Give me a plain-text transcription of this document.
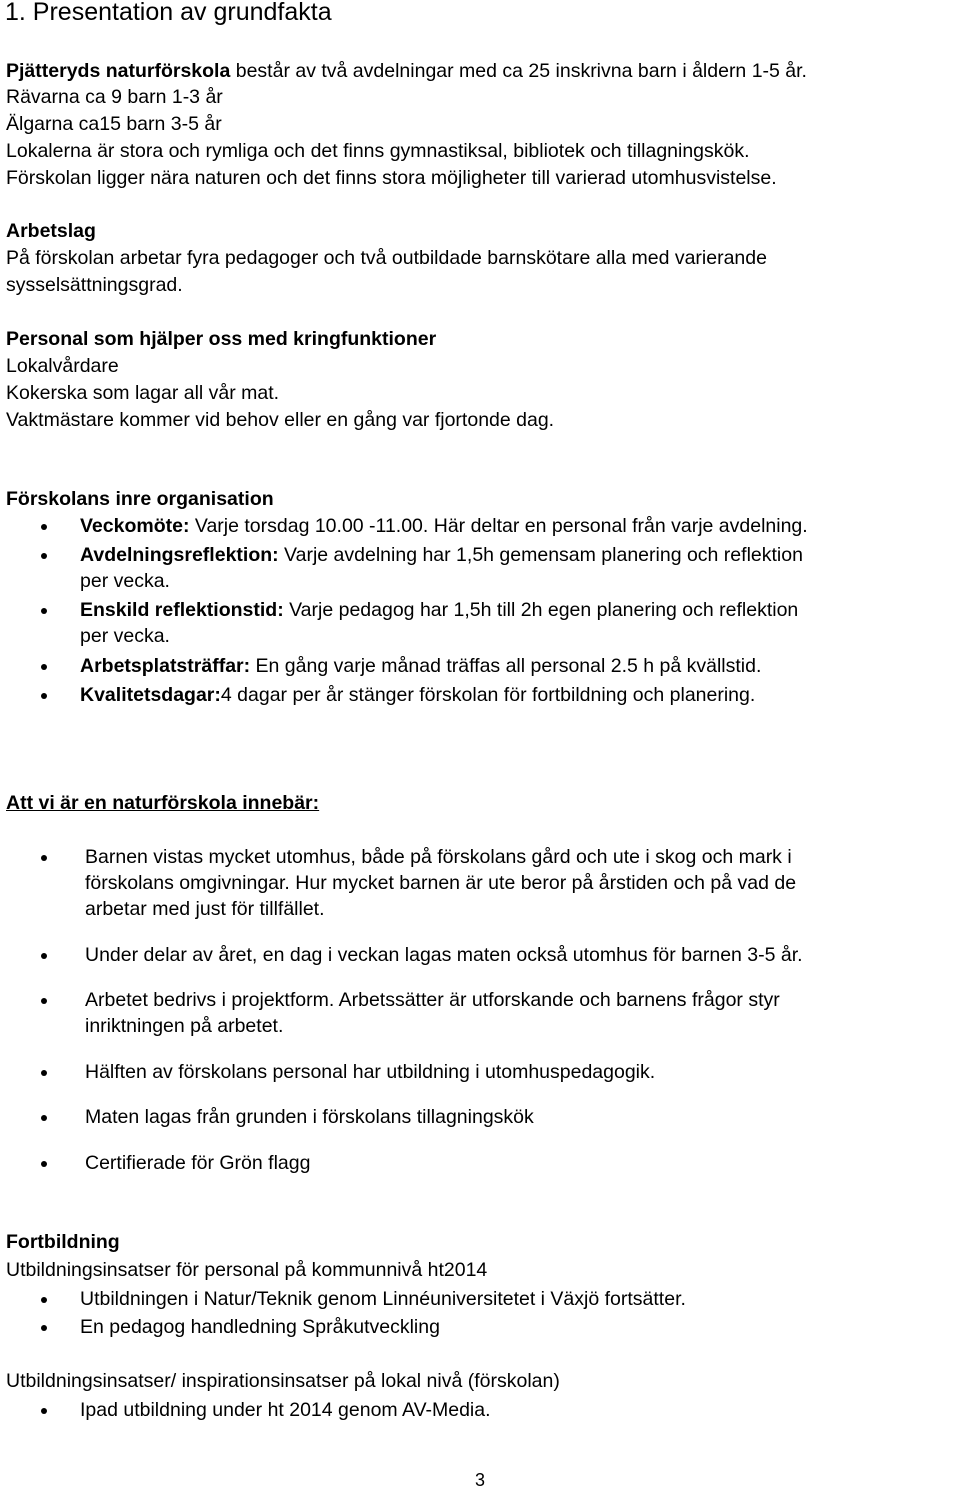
1. Presentation av grundfakta
Pjätteryds naturförskola består av två avdelningar med ca 25 inskrivna barn i åldern 1-5 år.
Rävarna ca 9 barn 1-3 år
Älgarna ca15 barn 3-5 år
Lokalerna är stora och rymliga och det finns gymnastiksal, bibliotek och tillagningskök.
Förskolan ligger nära naturen och det finns stora möjligheter till varierad utomhusvistelse.
Arbetslag
På förskolan arbetar fyra pedagoger och två outbildade barnskötare alla med varierande
sysselsättningsgrad.
Personal som hjälper oss med kringfunktioner
Lokalvårdare
Kokerska som lagar all vår mat.
Vaktmästare kommer vid behov eller en gång var fjortonde dag.
Förskolans inre organisation
Veckomöte: Varje torsdag 10.00 -11.00. Här deltar en personal från varje avdelning.
Avdelningsreflektion: Varje avdelning har 1,5h gemensam planering och reflektion
per vecka.
Enskild reflektionstid: Varje pedagog har 1,5h till 2h egen planering och reflektion
per vecka.
Arbetsplatsträffar: En gång varje månad träffas all personal 2.5 h på kvällstid.
Kvalitetsdagar:4 dagar per år stänger förskolan för fortbildning och planering.
Att vi är en naturförskola innebär:
Barnen vistas mycket utomhus, både på förskolans gård och ute i skog och mark i
förskolans omgivningar. Hur mycket barnen är ute beror på årstiden och på vad de
arbetar med just för tillfället.
Under delar av året, en dag i veckan lagas maten också utomhus för barnen 3-5 år.
Arbetet bedrivs i projektform. Arbetssätter är utforskande och barnens frågor styr
inriktningen på arbetet.
Hälften av förskolans personal har utbildning i utomhuspedagogik.
Maten lagas från grunden i förskolans tillagningskök
Certifierade för Grön flagg
Fortbildning
Utbildningsinsatser för personal på kommunnivå ht2014
Utbildningen i Natur/Teknik genom Linnéuniversitetet i Växjö fortsätter.
En pedagog handledning Språkutveckling
Utbildningsinsatser/ inspirationsinsatser på lokal nivå (förskolan)
Ipad utbildning under ht 2014 genom AV-Media.
3
